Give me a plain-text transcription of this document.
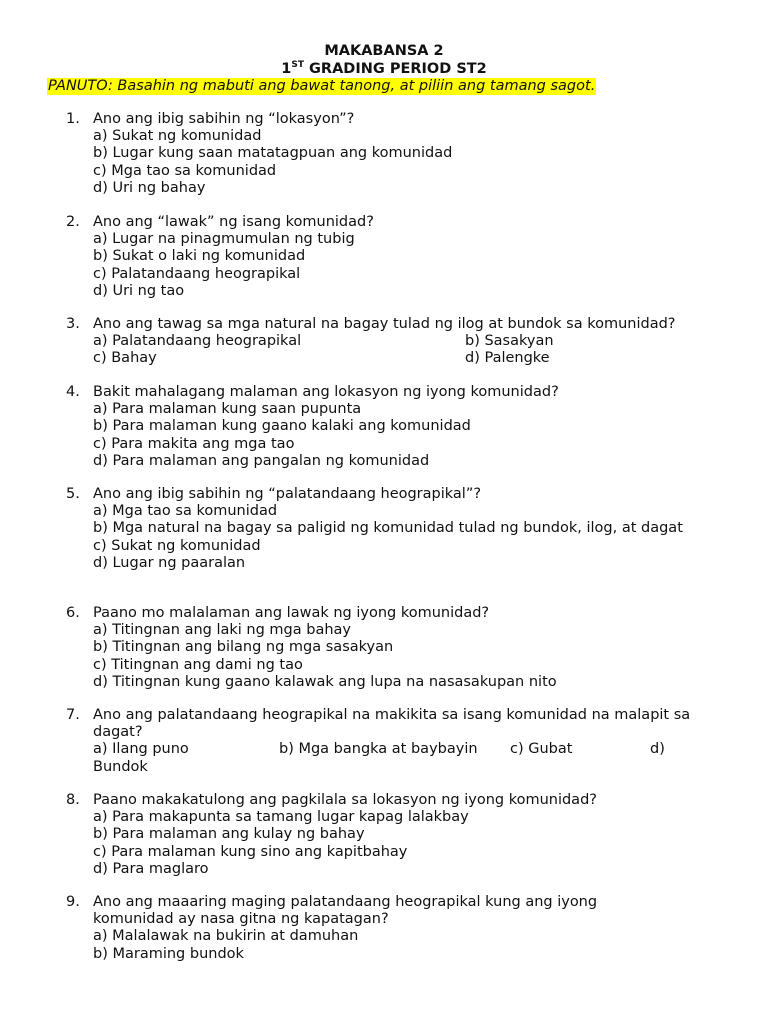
MAKABANSA 2
1ST GRADING PERIOD ST2
PANUTO: Basahin ng mabuti ang bawat tanong, at piliin ang tamang sagot.
1. Ano ang ibig sabihin ng “lokasyon”?
a) Sukat ng komunidad
b) Lugar kung saan matatagpuan ang komunidad
c) Mga tao sa komunidad
d) Uri ng bahay
2. Ano ang “lawak” ng isang komunidad?
a) Lugar na pinagmumulan ng tubig
b) Sukat o laki ng komunidad
c) Palatandaang heograpikal
d) Uri ng tao
3. Ano ang tawag sa mga natural na bagay tulad ng ilog at bundok sa komunidad?
a) Palatandaang heograpikal	b) Sasakyan
c) Bahay	d) Palengke
4. Bakit mahalagang malaman ang lokasyon ng iyong komunidad?
a) Para malaman kung saan pupunta
b) Para malaman kung gaano kalaki ang komunidad
c) Para makita ang mga tao
d) Para malaman ang pangalan ng komunidad
5. Ano ang ibig sabihin ng “palatandaang heograpikal”?
a) Mga tao sa komunidad
b) Mga natural na bagay sa paligid ng komunidad tulad ng bundok, ilog, at dagat
c) Sukat ng komunidad
d) Lugar ng paaralan
6. Paano mo malalaman ang lawak ng iyong komunidad?
a) Titingnan ang laki ng mga bahay
b) Titingnan ang bilang ng mga sasakyan
c) Titingnan ang dami ng tao
d) Titingnan kung gaano kalawak ang lupa na nasasakupan nito
7. Ano ang palatandaang heograpikal na makikita sa isang komunidad na malapit sa dagat?
a) Ilang puno	b) Mga bangka at baybayin c) Gubat	d)
Bundok
8. Paano makakatulong ang pagkilala sa lokasyon ng iyong komunidad?
a) Para makapunta sa tamang lugar kapag lalakbay
b) Para malaman ang kulay ng bahay
c) Para malaman kung sino ang kapitbahay
d) Para maglaro
9. Ano ang maaaring maging palatandaang heograpikal kung ang iyong komunidad ay nasa gitna ng kapatagan?
a) Malalawak na bukirin at damuhan
b) Maraming bundok
